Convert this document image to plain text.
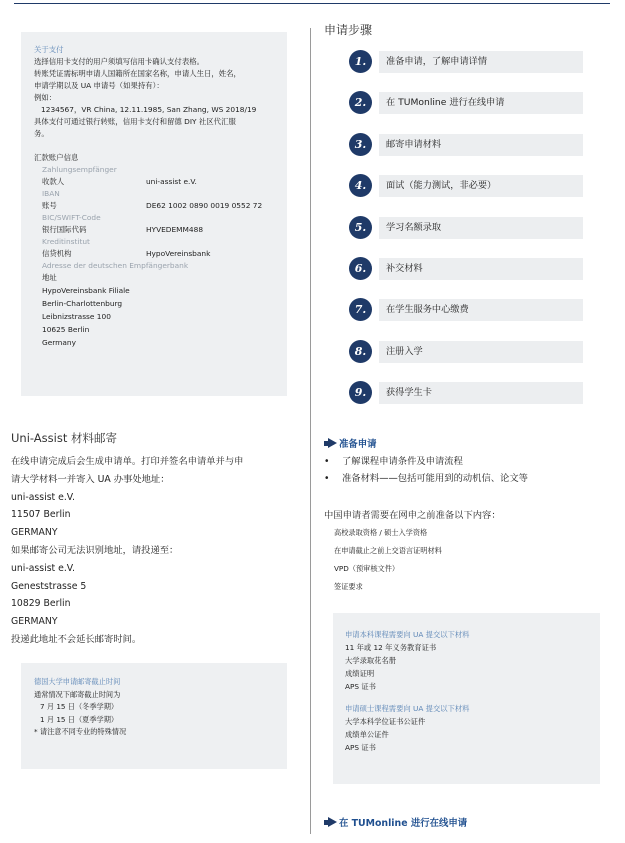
关于支付
选择信用卡支付的用户须填写信用卡确认支付表格。
转账凭证需标明申请人国籍所在国家名称，申请人生日，姓名，
申请学期以及 UA 申请号（如果持有）：
例如：
1234567，VR China, 12.11.1985, San Zhang, WS 2018/19
具体支付可通过银行转账，信用卡支付和留德 DIY 社区代汇服
务。
汇款账户信息
Zahlungsempfänger
收款人	uni-assist e.V.
IBAN
账号	DE62 1002 0890 0019 0552 72
BIC/SWIFT-Code
银行国际代码	HYVEDEMM488
Kreditinstitut
信贷机构	HypoVereinsbank
Adresse der deutschen Empfängerbank
地址
HypoVereinsbank Filiale
Berlin-Charlottenburg
Leibnizstrasse 100
10625 Berlin
Germany
Uni-Assist 材料邮寄
在线申请完成后会生成申请单。打印并签名申请单并与申
请大学材料一并寄入 UA 办事处地址：
uni-assist e.V.
11507 Berlin
GERMANY
如果邮寄公司无法识别地址，请投递至：
uni-assist e.V.
Geneststrasse 5
10829 Berlin
GERMANY
投递此地址不会延长邮寄时间。
德国大学申请邮寄截止时间
通常情况下邮寄截止时间为
7 月 15 日（冬季学期）
1 月 15 日（夏季学期）
* 请注意不同专业的特殊情况
申请步骤
1.	准备申请，了解申请详情
2.	在 TUMonline 进行在线申请
3.	邮寄申请材料
4.	面试（能力测试，非必要）
5.	学习名额录取
6.	补交材料
7.	在学生服务中心缴费
8.	注册入学
9.	获得学生卡
准备申请
• 了解课程申请条件及申请流程
• 准备材料——包括可能用到的动机信、论文等
中国申请者需要在网申之前准备以下内容：
高校录取资格 / 硕士入学资格
在申请截止之前上交语言证明材料
VPD（预审核文件）
签证要求
申请本科课程需要向 UA 提交以下材料
11 年或 12 年义务教育证书
大学录取花名册
成绩证明
APS 证书
申请硕士课程需要向 UA 提交以下材料
大学本科学位证书公证件
成绩单公证件
APS 证书
在 TUMonline 进行在线申请
